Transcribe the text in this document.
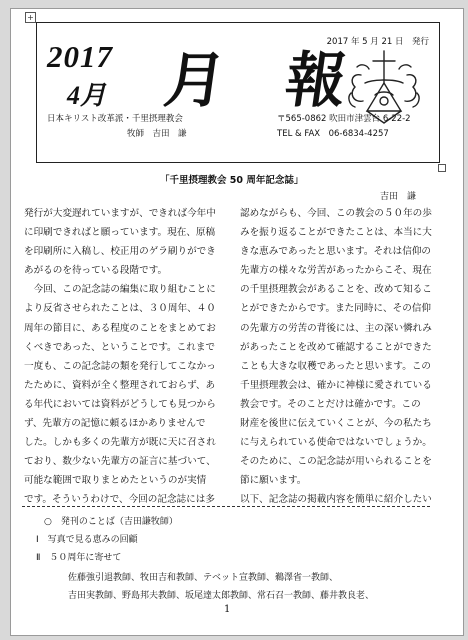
+
2017 年 5 月 21 日　発行
2017
4月 月 報
日本キリスト改革派・千里摂理教会
牧師　吉田　謙
〒565-0862 吹田市津雲台 6-22-2
TEL & FAX　06-6834-4257
「千里摂理教会 50 周年記念誌」
吉田　謙
発行が大変遅れていますが、できれば今年中
に印刷できればと願っています。現在、原稿
を印刷所に入稿し、校正用のゲラ刷りができ
あがるのを待っている段階です。
　今回、この記念誌の編集に取り組むことに
より反省させられたことは、３０周年、４０
周年の節目に、ある程度のことをまとめてお
くべきであった、ということです。これまで
一度も、この記念誌の類を発行してこなかっ
たために、資料が全く整理されておらず、あ
る年代においては資料がどうしても見つから
ず、先輩方の記憶に頼るほかありませんで
した。しかも多くの先輩方が既に天に召され
ており、数少ない先輩方の証言に基づいて、
可能な範囲で取りまとめたというのが実情
です。そういうわけで、今回の記念誌には多
認めながらも、今回、この教会の５０年の歩
みを振り返ることができたことは、本当に大
きな恵みであったと思います。それは信仰の
先輩方の様々な労苦があったからこそ、現在
の千里摂理教会があることを、改めて知るこ
とができたからです。また同時に、その信仰
の先輩方の労苦の背後には、主の深い憐れみ
があったことを改めて確認することができた
ことも大きな収穫であったと思います。この
千里摂理教会は、確かに神様に愛されている
教会です。そのことだけは確かです。この
財産を後世に伝えていくことが、今の私たち
に与えられている使命ではないでしょうか。
そのために、この記念誌が用いられることを
節に願います。
以下、記念誌の掲載内容を簡単に紹介したい
○　発刊のことば（吉田謙牧師）
Ⅰ　写真で見る恵みの回顧
Ⅱ　５０周年に寄せて
佐藤強引退教師、牧田吉和教師、テベット宣教師、鵜澤省一教師、
吉田実教師、野島邦夫教師、坂尾達太郎教師、常石召一教師、藤井教良老、
1
